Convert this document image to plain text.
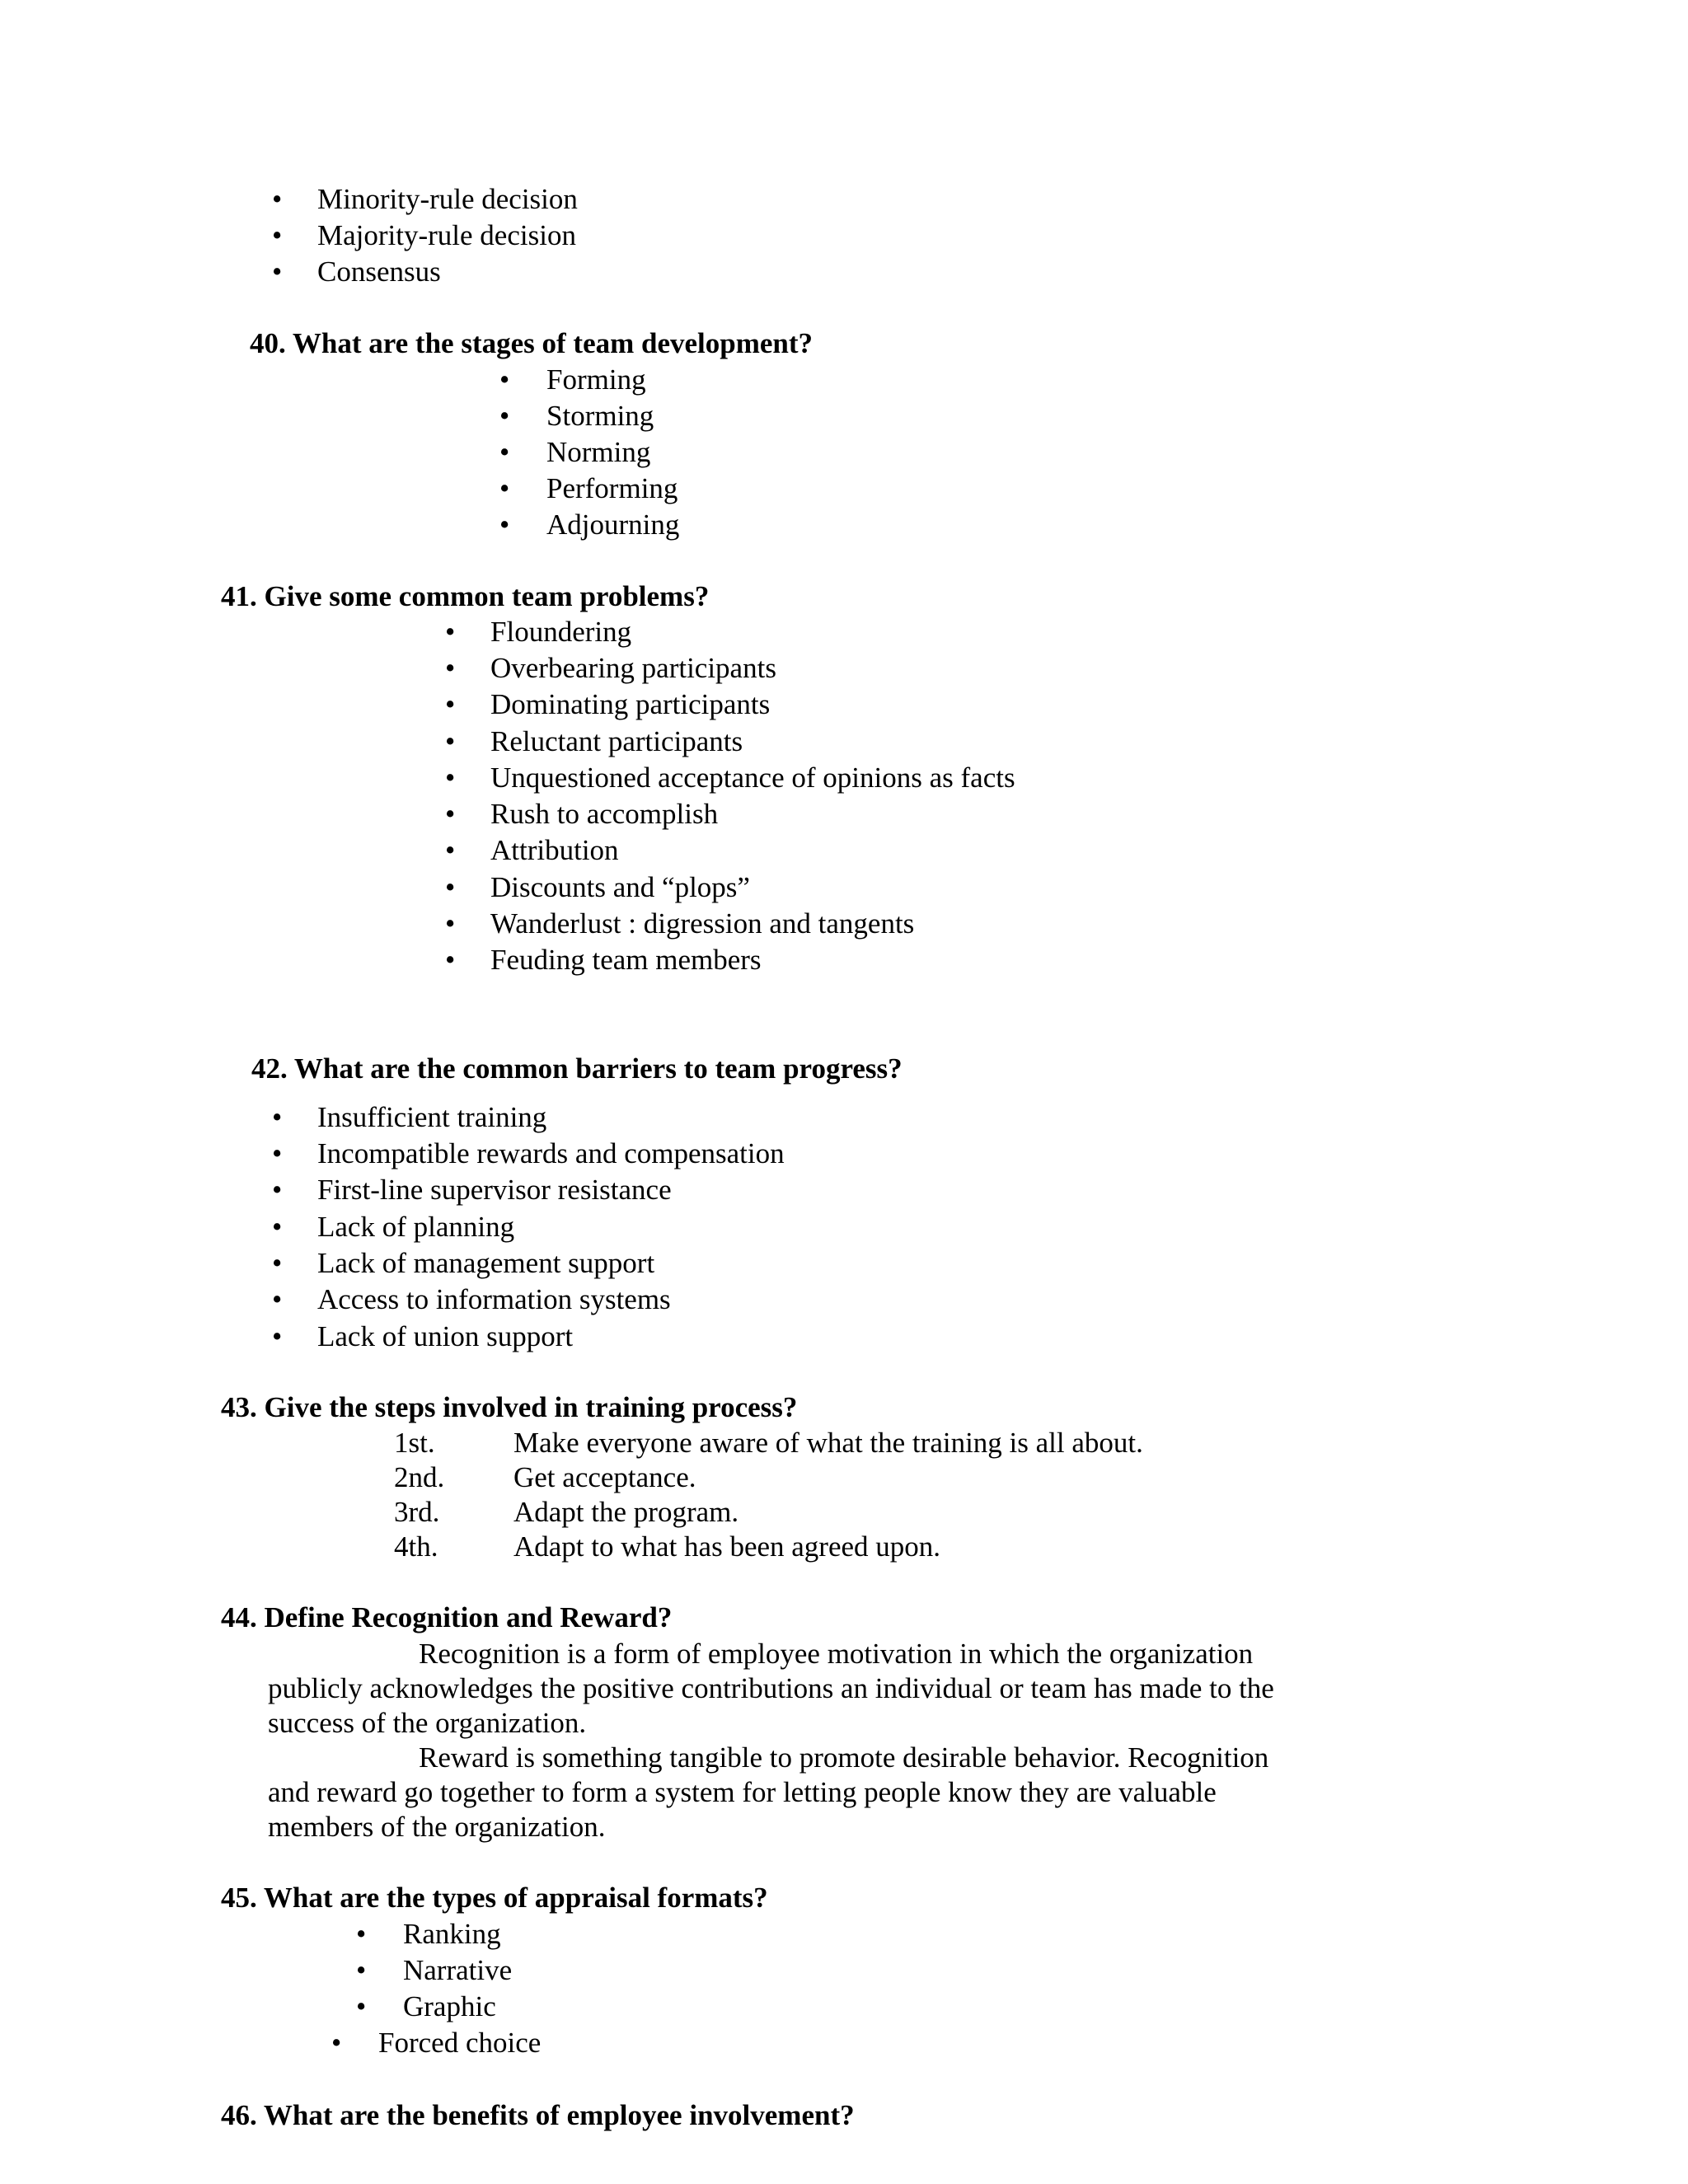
• Minority-rule decision
• Majority-rule decision
• Consensus
40. What are the stages of team development?
• Forming
• Storming
• Norming
• Performing
• Adjourning
41. Give some common team problems?
• Floundering
• Overbearing participants
• Dominating participants
• Reluctant participants
• Unquestioned acceptance of opinions as facts
• Rush to accomplish
• Attribution
• Discounts and “plops”
• Wanderlust : digression and tangents
• Feuding team members
42. What are the common barriers to team progress?
• Insufficient training
• Incompatible rewards and compensation
• First-line supervisor resistance
• Lack of planning
• Lack of management support
• Access to information systems
• Lack of union support
43. Give the steps involved in training process?
1st.	Make everyone aware of what the training is all about.
2nd. Get acceptance.
3rd.	Adapt the program.
4th.	Adapt to what has been agreed upon.
44. Define Recognition and Reward?
Recognition is a form of employee motivation in which the organization
publicly acknowledges the positive contributions an individual or team has made to the
success of the organization.
Reward is something tangible to promote desirable behavior. Recognition
and reward go together to form a system for letting people know they are valuable
members of the organization.
45. What are the types of appraisal formats?
• Ranking
• Narrative
• Graphic
• Forced choice
46. What are the benefits of employee involvement?
